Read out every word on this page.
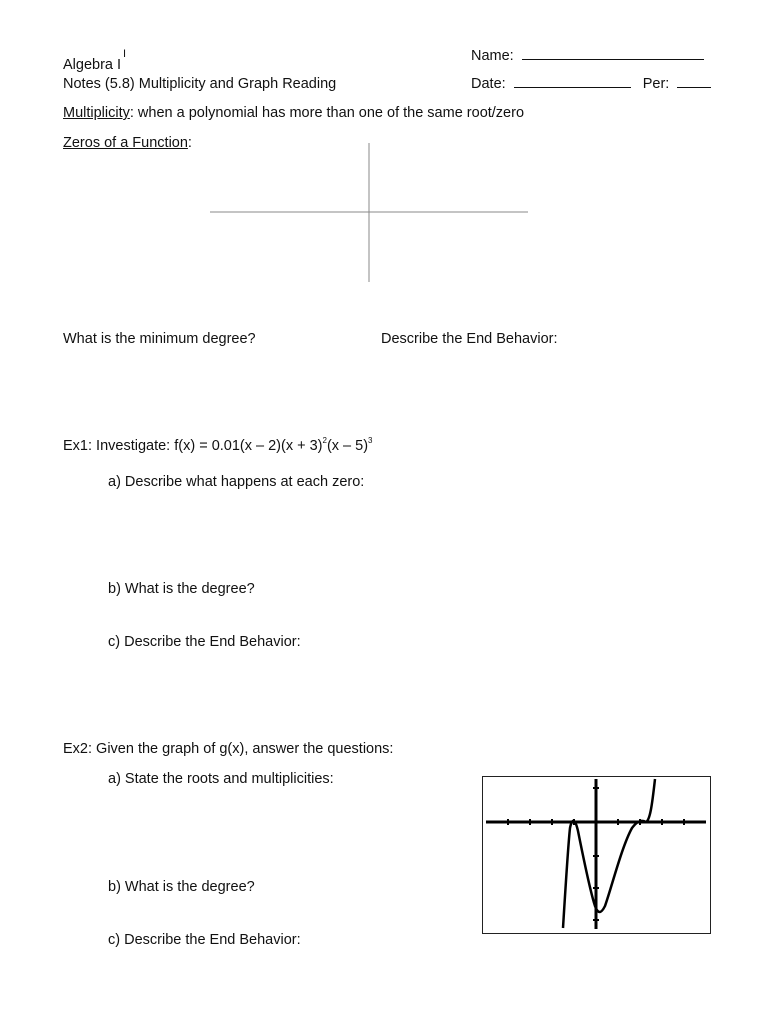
Algebra I
I
Notes (5.8) Multiplicity and Graph Reading
Name:
Date:	Per:
Multiplicity: when a polynomial has more than one of the same root/zero
Zeros of a Function:
What is the minimum degree?	Describe the End Behavior:
Ex1: Investigate: $f(x) = 0.01(x - 2)(x + 3)^2(x - 5)^3$
a) Describe what happens at each zero:
b) What is the degree?
c) Describe the End Behavior:
Ex2: Given the graph of g(x), answer the questions:
a) State the roots and multiplicities:
b) What is the degree?
c) Describe the End Behavior:
